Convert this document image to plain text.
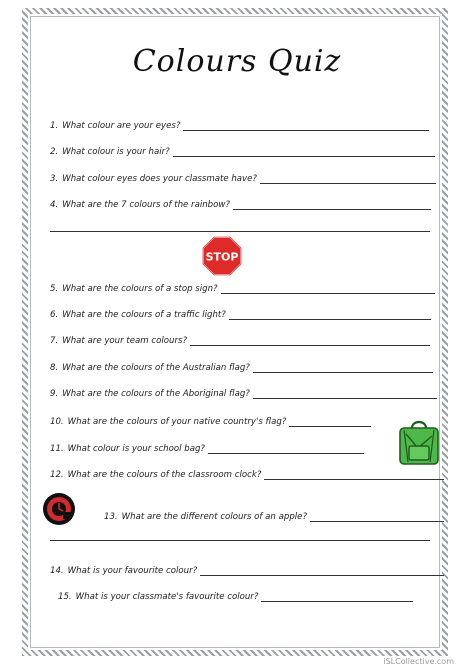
Colours Quiz
1. What colour are your eyes?
2. What colour is your hair?
3. What colour eyes does your classmate have?
4. What are the 7 colours of the rainbow?
STOP
5. What are the colours of a stop sign?
6. What are the colours of a traffic light?
7. What are your team colours?
8. What are the colours of the Australian flag?
9. What are the colours of the Aboriginal flag?
10. What are the colours of your native country's flag?
11. What colour is your school bag?
12. What are the colours of the classroom clock?
13. What are the different colours of an apple?
14. What is your favourite colour?
15. What is your classmate's favourite colour?
iSLCollective.com
